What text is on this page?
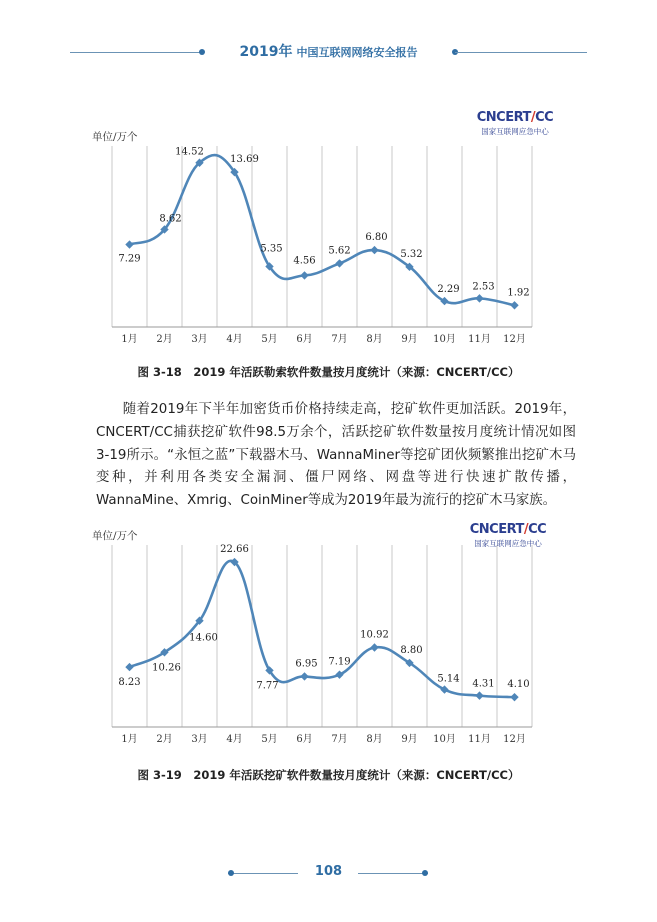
2019年 中国互联网网络安全报告
单位/万个
7.29
8.62
14.52
13.69
5.35
4.56
5.62
6.80
5.32
2.29 2.53
1.92
1月 2月 3月 4月 5月 6月 7月 8月 9月 10月 11月 12月
CNCERT/CC
国家互联网应急中心
图 3-18　2019 年活跃勒索软件数量按月度统计（来源：CNCERT/CC）

随着2019年下半年加密货币价格持续走高，挖矿软件更加活跃。2019年，CNCERT/CC捕获挖矿软件98.5万余个，活跃挖矿软件数量按月度统计情况如图3-19所示。“永恒之蓝”下载器木马、WannaMiner等挖矿团伙频繁推出挖矿木马变种，并利用各类安全漏洞、僵尸网络、网盘等进行快速扩散传播，WannaMine、Xmrig、CoinMiner等成为2019年最为流行的挖矿木马家族。

单位/万个
8.23
10.26
14.60
22.66
7.77
6.95 7.19
10.92
8.80
5.14 4.31 4.10
1月 2月 3月 4月 5月 6月 7月 8月 9月 10月 11月 12月
CNCERT/CC
国家互联网应急中心
图 3-19　2019 年活跃挖矿软件数量按月度统计（来源：CNCERT/CC）
108
